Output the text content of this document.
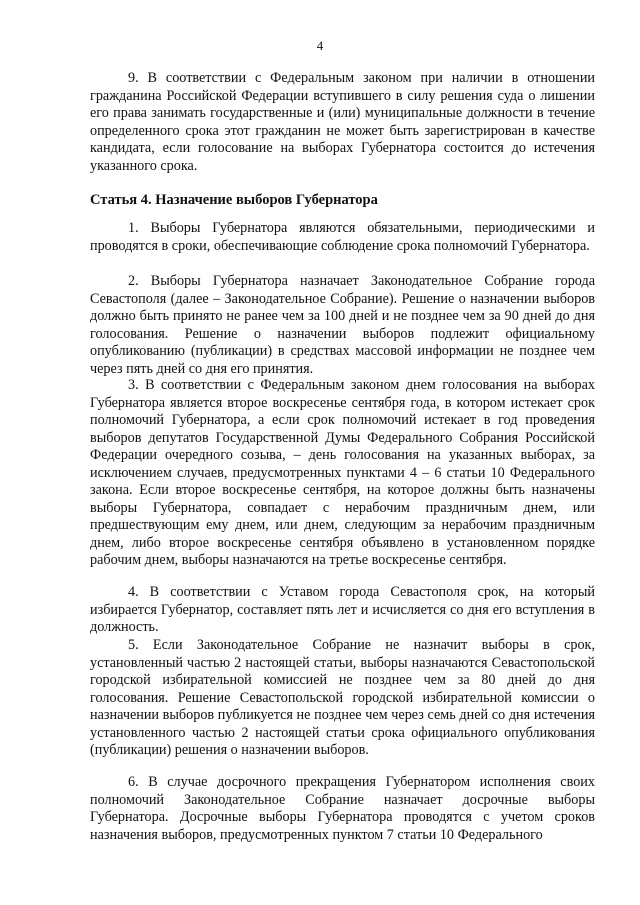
4

9. В соответствии с Федеральным законом при наличии в отношении гражданина Российской Федерации вступившего в силу решения суда о лишении его права занимать государственные и (или) муниципальные должности в течение определенного срока этот гражданин не может быть зарегистрирован в качестве кандидата, если голосование на выборах Губернатора состоится до истечения указанного срока.

Статья 4. Назначение выборов Губернатора

1. Выборы Губернатора являются обязательными, периодическими и проводятся в сроки, обеспечивающие соблюдение срока полномочий Губернатора.

2. Выборы Губернатора назначает Законодательное Собрание города Севастополя (далее – Законодательное Собрание). Решение о назначении выборов должно быть принято не ранее чем за 100 дней и не позднее чем за 90 дней до дня голосования. Решение о назначении выборов подлежит официальному опубликованию (публикации) в средствах массовой информации не позднее чем через пять дней со дня его принятия.

3. В соответствии с Федеральным законом днем голосования на выборах Губернатора является второе воскресенье сентября года, в котором истекает срок полномочий Губернатора, а если срок полномочий истекает в год проведения выборов депутатов Государственной Думы Федерального Собрания Российской Федерации очередного созыва, – день голосования на указанных выборах, за исключением случаев, предусмотренных пунктами 4 – 6 статьи 10 Федерального закона. Если второе воскресенье сентября, на которое должны быть назначены выборы Губернатора, совпадает с нерабочим праздничным днем, или предшествующим ему днем, или днем, следующим за нерабочим праздничным днем, либо второе воскресенье сентября объявлено в установленном порядке рабочим днем, выборы назначаются на третье воскресенье сентября.

4. В соответствии с Уставом города Севастополя срок, на который избирается Губернатор, составляет пять лет и исчисляется со дня его вступления в должность.

5. Если Законодательное Собрание не назначит выборы в срок, установленный частью 2 настоящей статьи, выборы назначаются Севастопольской городской избирательной комиссией не позднее чем за 80 дней до дня голосования. Решение Севастопольской городской избирательной комиссии о назначении выборов публикуется не позднее чем через семь дней со дня истечения установленного частью 2 настоящей статьи срока официального опубликования (публикации) решения о назначении выборов.

6. В случае досрочного прекращения Губернатором исполнения своих полномочий Законодательное Собрание назначает досрочные выборы Губернатора. Досрочные выборы Губернатора проводятся с учетом сроков назначения выборов, предусмотренных пунктом 7 статьи 10 Федерального
